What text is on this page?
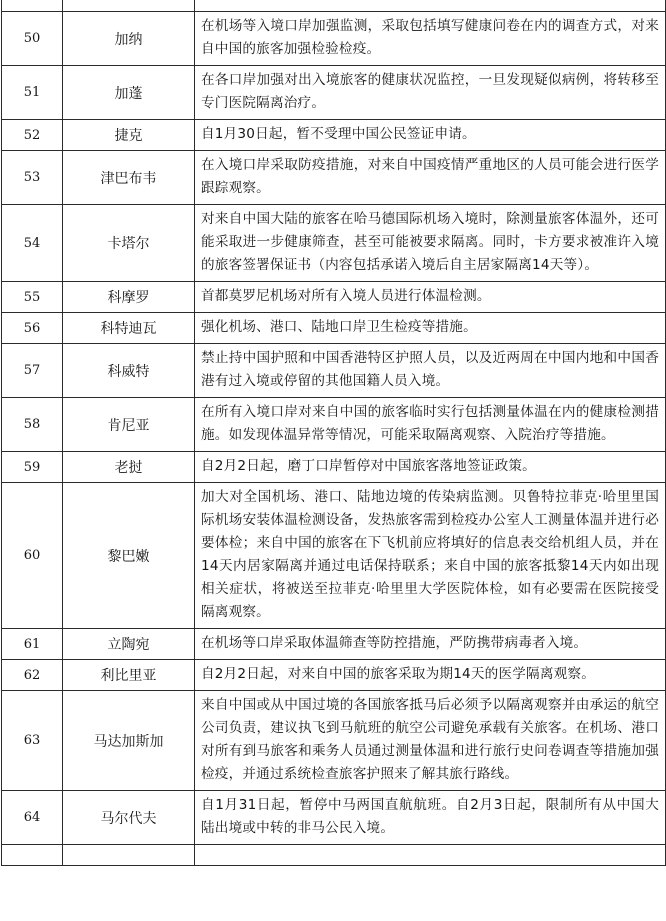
50	加纳	在机场等入境口岸加强监测，采取包括填写健康问卷在内的调查方式，对来自中国的旅客加强检验检疫。
51	加蓬	在各口岸加强对出入境旅客的健康状况监控，一旦发现疑似病例，将转移至专门医院隔离治疗。
52	捷克	自1月30日起，暂不受理中国公民签证申请。
53	津巴布韦	在入境口岸采取防疫措施，对来自中国疫情严重地区的人员可能会进行医学跟踪观察。
54	卡塔尔	对来自中国大陆的旅客在哈马德国际机场入境时，除测量旅客体温外，还可能采取进一步健康筛查，甚至可能被要求隔离。同时，卡方要求被准许入境的旅客签署保证书（内容包括承诺入境后自主居家隔离14天等）。
55	科摩罗	首都莫罗尼机场对所有入境人员进行体温检测。
56	科特迪瓦	强化机场、港口、陆地口岸卫生检疫等措施。
57	科威特	禁止持中国护照和中国香港特区护照人员，以及近两周在中国内地和中国香港有过入境或停留的其他国籍人员入境。
58	肯尼亚	在所有入境口岸对来自中国的旅客临时实行包括测量体温在内的健康检测措施。如发现体温异常等情况，可能采取隔离观察、入院治疗等措施。
59	老挝	自2月2日起，磨丁口岸暂停对中国旅客落地签证政策。
60	黎巴嫩	加大对全国机场、港口、陆地边境的传染病监测。贝鲁特拉菲克·哈里里国际机场安装体温检测设备，发热旅客需到检疫办公室人工测量体温并进行必要体检；来自中国的旅客在下飞机前应将填好的信息表交给机组人员，并在14天内居家隔离并通过电话保持联系；来自中国的旅客抵黎14天内如出现相关症状，将被送至拉菲克·哈里里大学医院体检，如有必要需在医院接受隔离观察。
61	立陶宛	在机场等口岸采取体温筛查等防控措施，严防携带病毒者入境。
62	利比里亚	自2月2日起，对来自中国的旅客采取为期14天的医学隔离观察。
63	马达加斯加	来自中国或从中国过境的各国旅客抵马后必须予以隔离观察并由承运的航空公司负责，建议执飞到马航班的航空公司避免承载有关旅客。在机场、港口对所有到马旅客和乘务人员通过测量体温和进行旅行史问卷调查等措施加强检疫，并通过系统检查旅客护照来了解其旅行路线。
64	马尔代夫	自1月31日起，暂停中马两国直航航班。自2月3日起，限制所有从中国大陆出境或中转的非马公民入境。
